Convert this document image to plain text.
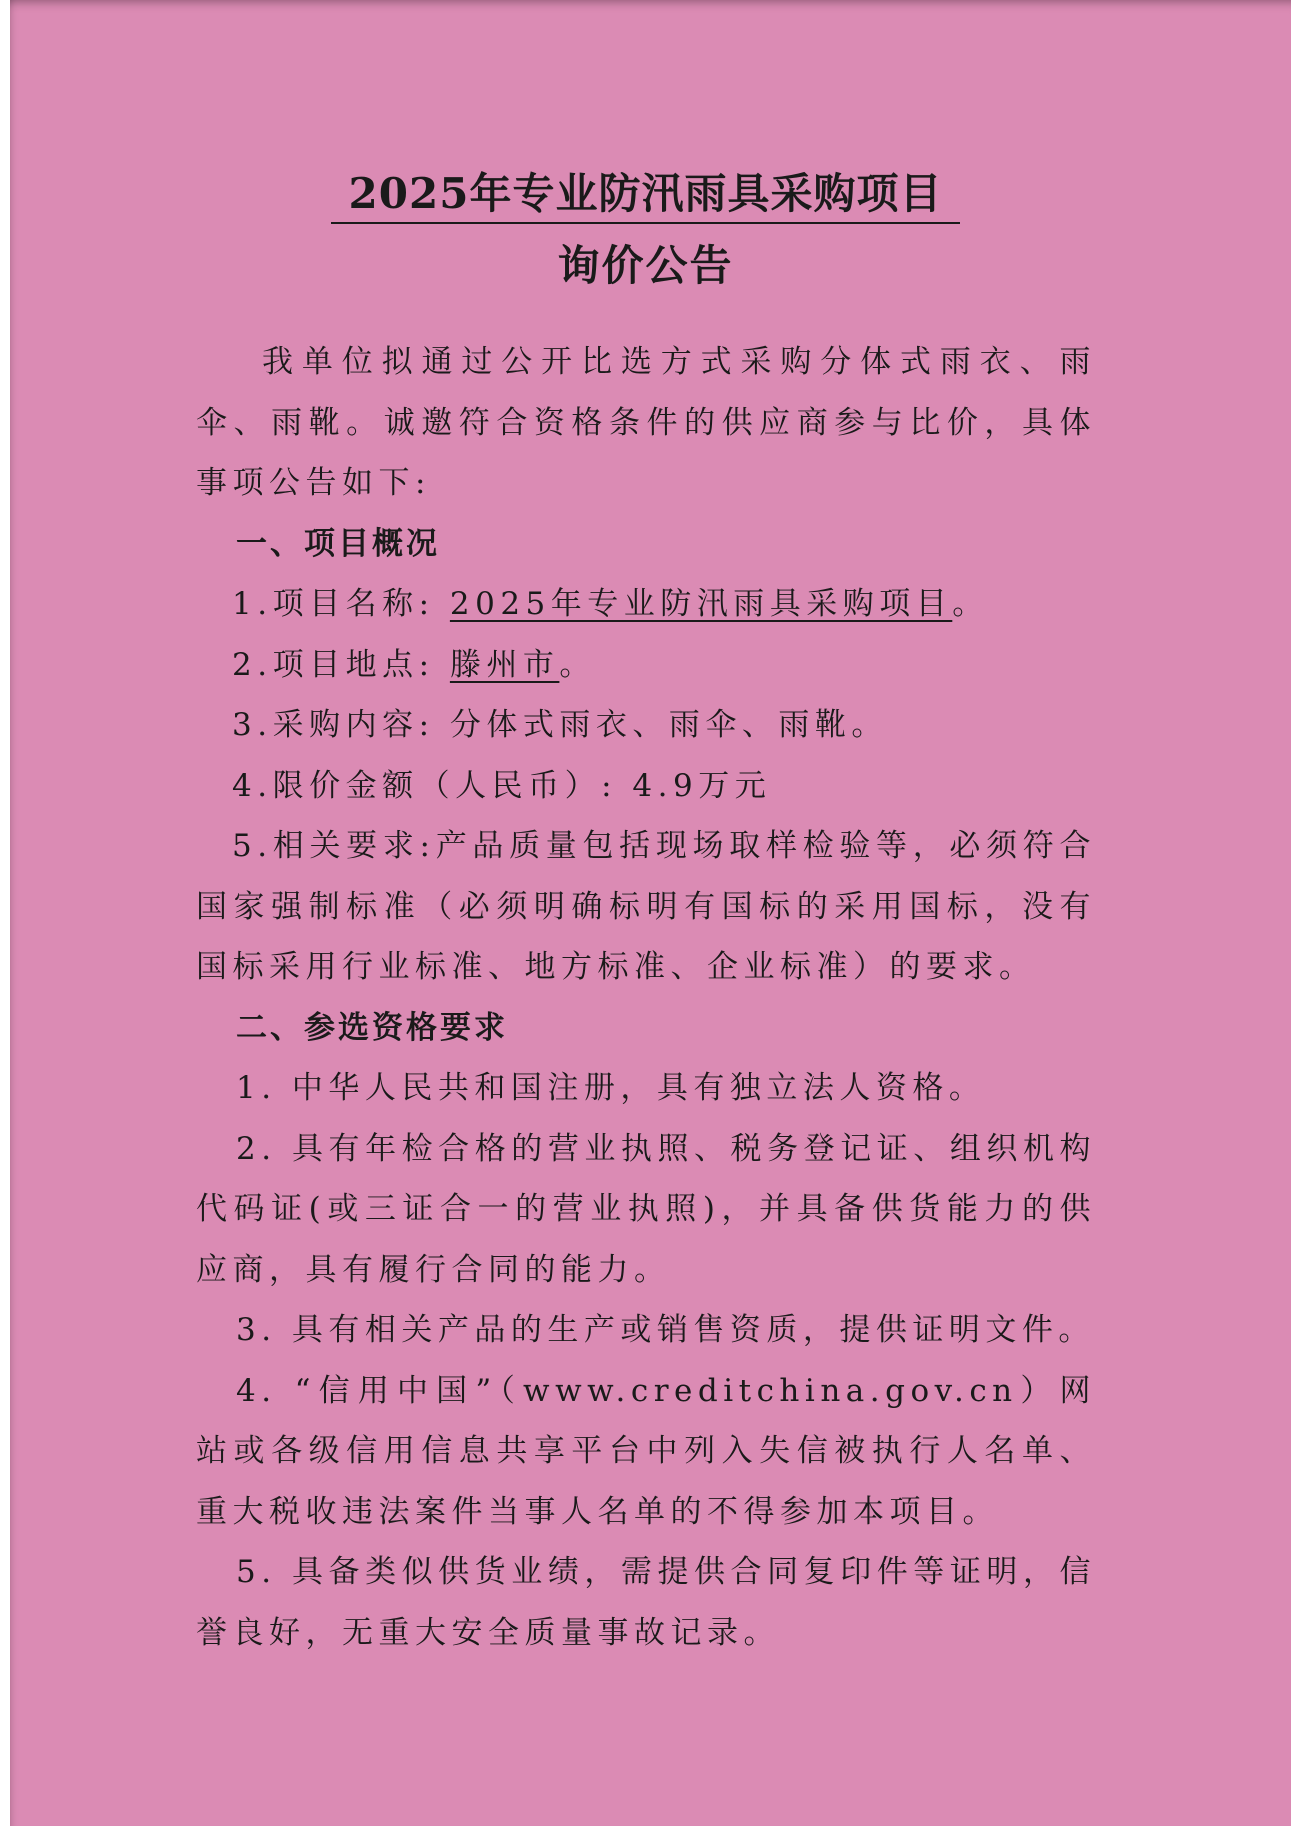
2025年专业防汛雨具采购项目
询价公告

我单位拟通过公开比选方式采购分体式雨衣、雨伞、雨靴。诚邀符合资格条件的供应商参与比价，具体事项公告如下:

一、项目概况

1.项目名称: 2025年专业防汛雨具采购项目。

2.项目地点: 滕州市。

3.采购内容: 分体式雨衣、雨伞、雨靴。

4.限价金额（人民币）: 4.9万元

5.相关要求:产品质量包括现场取样检验等，必须符合国家强制标准（必须明确标明有国标的采用国标，没有国标采用行业标准、地方标准、企业标准）的要求。

二、参选资格要求

1. 中华人民共和国注册，具有独立法人资格。

2. 具有年检合格的营业执照、税务登记证、组织机构代码证(或三证合一的营业执照)，并具备供货能力的供应商，具有履行合同的能力。

3. 具有相关产品的生产或销售资质，提供证明文件。

4. “信用中国”（www.creditchina.gov.cn）网站或各级信用信息共享平台中列入失信被执行人名单、重大税收违法案件当事人名单的不得参加本项目。

5. 具备类似供货业绩，需提供合同复印件等证明，信誉良好，无重大安全质量事故记录。
